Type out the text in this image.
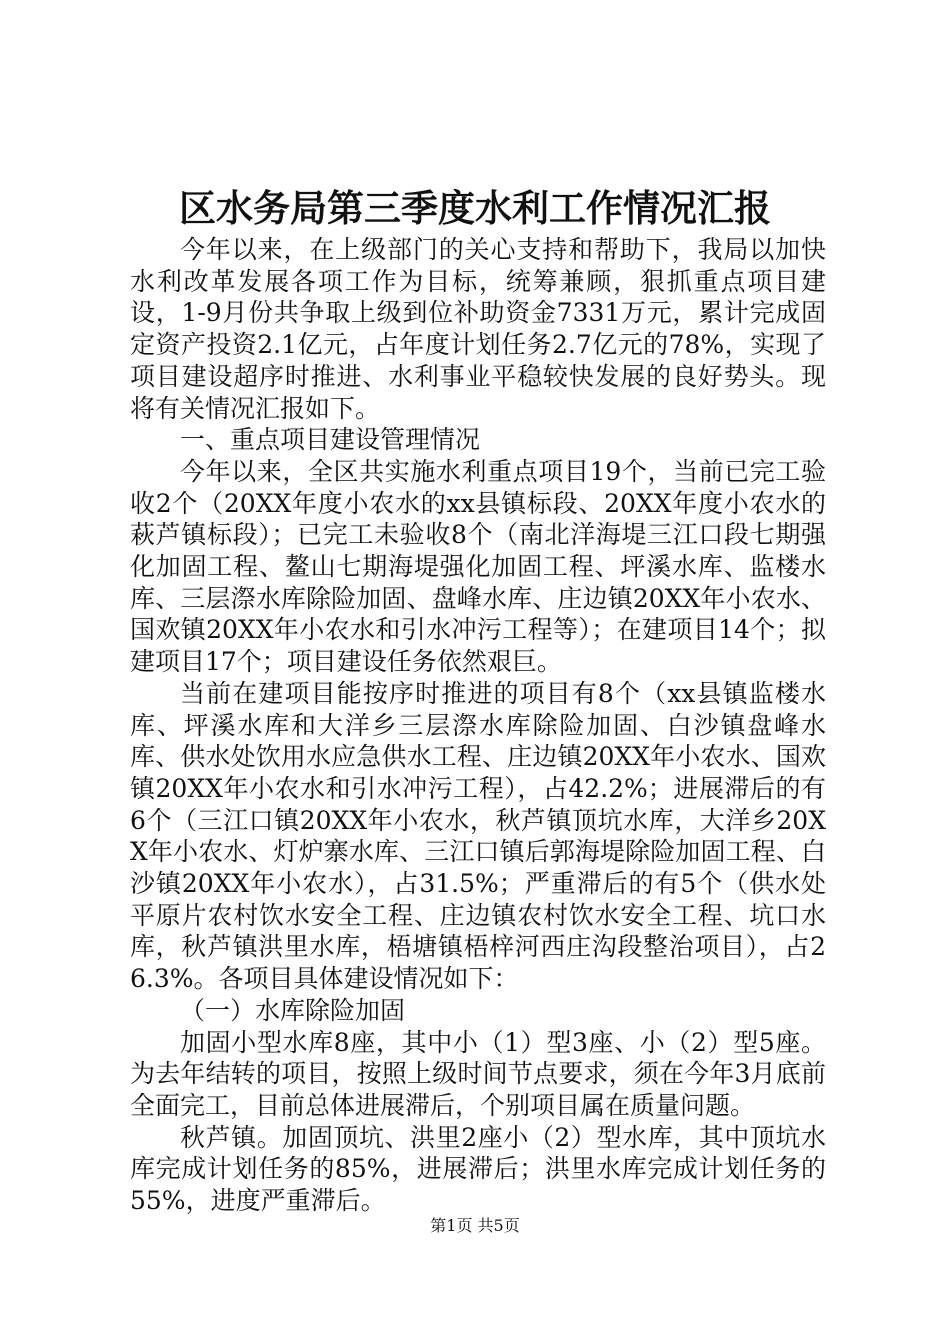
区水务局第三季度水利工作情况汇报

今年以来，在上级部门的关心支持和帮助下，我局以加快水利改革发展各项工作为目标，统筹兼顾，狠抓重点项目建设，1-9月份共争取上级到位补助资金7331万元，累计完成固定资产投资2.1亿元，占年度计划任务2.7亿元的78%，实现了项目建设超序时推进、水利事业平稳较快发展的良好势头。现将有关情况汇报如下。

一、重点项目建设管理情况

今年以来，全区共实施水利重点项目19个，当前已完工验收2个（20XX年度小农水的xx县镇标段、20XX年度小农水的萩芦镇标段）；已完工未验收8个（南北洋海堤三江口段七期强化加固工程、鳌山七期海堤强化加固工程、坪溪水库、监楼水库、三层漈水库除险加固、盘峰水库、庄边镇20XX年小农水、国欢镇20XX年小农水和引水冲污工程等）；在建项目14个；拟建项目17个；项目建设任务依然艰巨。

当前在建项目能按序时推进的项目有8个（xx县镇监楼水库、坪溪水库和大洋乡三层漈水库除险加固、白沙镇盘峰水库、供水处饮用水应急供水工程、庄边镇20XX年小农水、国欢镇20XX年小农水和引水冲污工程），占42.2%；进展滞后的有6个（三江口镇20XX年小农水，秋芦镇顶坑水库，大洋乡20XX年小农水、灯炉寨水库、三江口镇后郭海堤除险加固工程、白沙镇20XX年小农水），占31.5%；严重滞后的有5个（供水处平原片农村饮水安全工程、庄边镇农村饮水安全工程、坑口水库，秋芦镇洪里水库，梧塘镇梧梓河西庄沟段整治项目），占26.3%。各项目具体建设情况如下：

（一）水库除险加固

加固小型水库8座，其中小（1）型3座、小（2）型5座。为去年结转的项目，按照上级时间节点要求，须在今年3月底前全面完工，目前总体进展滞后，个别项目属在质量问题。

秋芦镇。加固顶坑、洪里2座小（2）型水库，其中顶坑水库完成计划任务的85%，进展滞后；洪里水库完成计划任务的55%，进度严重滞后。

第1页 共5页
